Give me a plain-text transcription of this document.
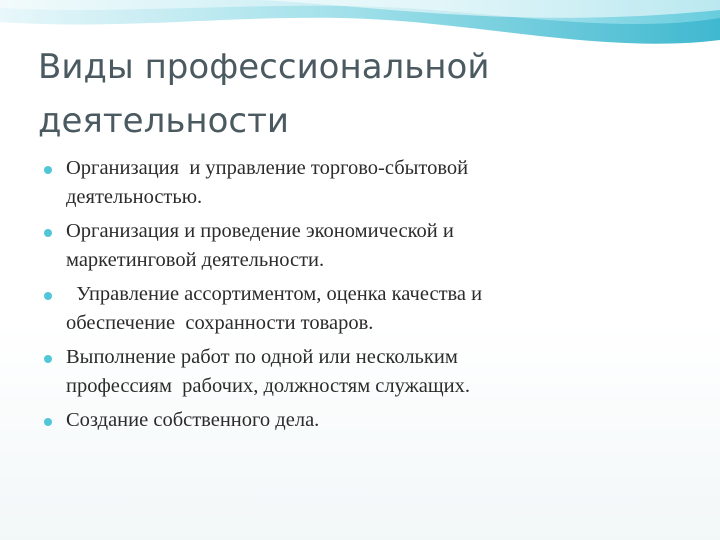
Виды профессиональной
деятельности
Организация  и управление торгово-сбытовой
деятельностью.
Организация и проведение экономической и
маркетинговой деятельности.
Управление ассортиментом, оценка качества и
обеспечение  сохранности товаров.
Выполнение работ по одной или нескольким
профессиям  рабочих, должностям служащих.
Создание собственного дела.
